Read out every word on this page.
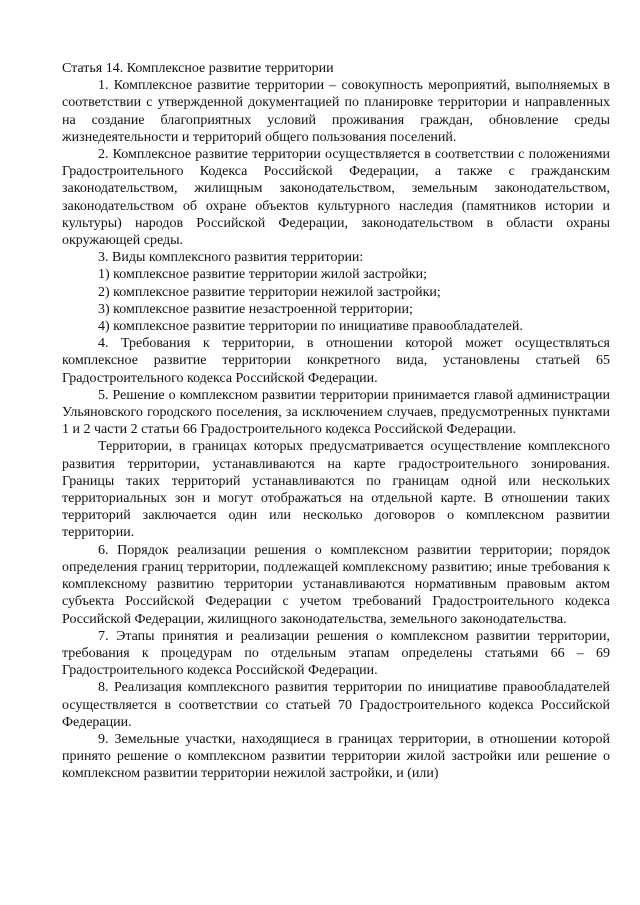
Статья 14. Комплексное развитие территории

1. Комплексное развитие территории – совокупность мероприятий, выполняемых в соответствии с утвержденной документацией по планировке территории и направленных на создание благоприятных условий проживания граждан, обновление среды жизнедеятельности и территорий общего пользования поселений.

2. Комплексное развитие территории осуществляется в соответствии с положениями Градостроительного Кодекса Российской Федерации, а также с гражданским законодательством, жилищным законодательством, земельным законодательством, законодательством об охране объектов культурного наследия (памятников истории и культуры) народов Российской Федерации, законодательством в области охраны окружающей среды.

3. Виды комплексного развития территории:

1) комплексное развитие территории жилой застройки;

2) комплексное развитие территории нежилой застройки;

3) комплексное развитие незастроенной территории;

4) комплексное развитие территории по инициативе правообладателей.

4. Требования к территории, в отношении которой может осуществляться комплексное развитие территории конкретного вида, установлены статьей 65 Градостроительного кодекса Российской Федерации.

5. Решение о комплексном развитии территории принимается главой администрации Ульяновского городского поселения, за исключением случаев, предусмотренных пунктами 1 и 2 части 2 статьи 66 Градостроительного кодекса Российской Федерации.

Территории, в границах которых предусматривается осуществление комплексного развития территории, устанавливаются на карте градостроительного зонирования. Границы таких территорий устанавливаются по границам одной или нескольких территориальных зон и могут отображаться на отдельной карте. В отношении таких территорий заключается один или несколько договоров о комплексном развитии территории.

6. Порядок реализации решения о комплексном развитии территории; порядок определения границ территории, подлежащей комплексному развитию; иные требования к комплексному развитию территории устанавливаются нормативным правовым актом субъекта Российской Федерации с учетом требований Градостроительного кодекса Российской Федерации, жилищного законодательства, земельного законодательства.

7. Этапы принятия и реализации решения о комплексном развитии территории, требования к процедурам по отдельным этапам определены статьями 66 – 69 Градостроительного кодекса Российской Федерации.

8. Реализация комплексного развития территории по инициативе правообладателей осуществляется в соответствии со статьей 70 Градостроительного кодекса Российской Федерации.

9. Земельные участки, находящиеся в границах территории, в отношении которой принято решение о комплексном развитии территории жилой застройки или решение о комплексном развитии территории нежилой застройки, и (или)
